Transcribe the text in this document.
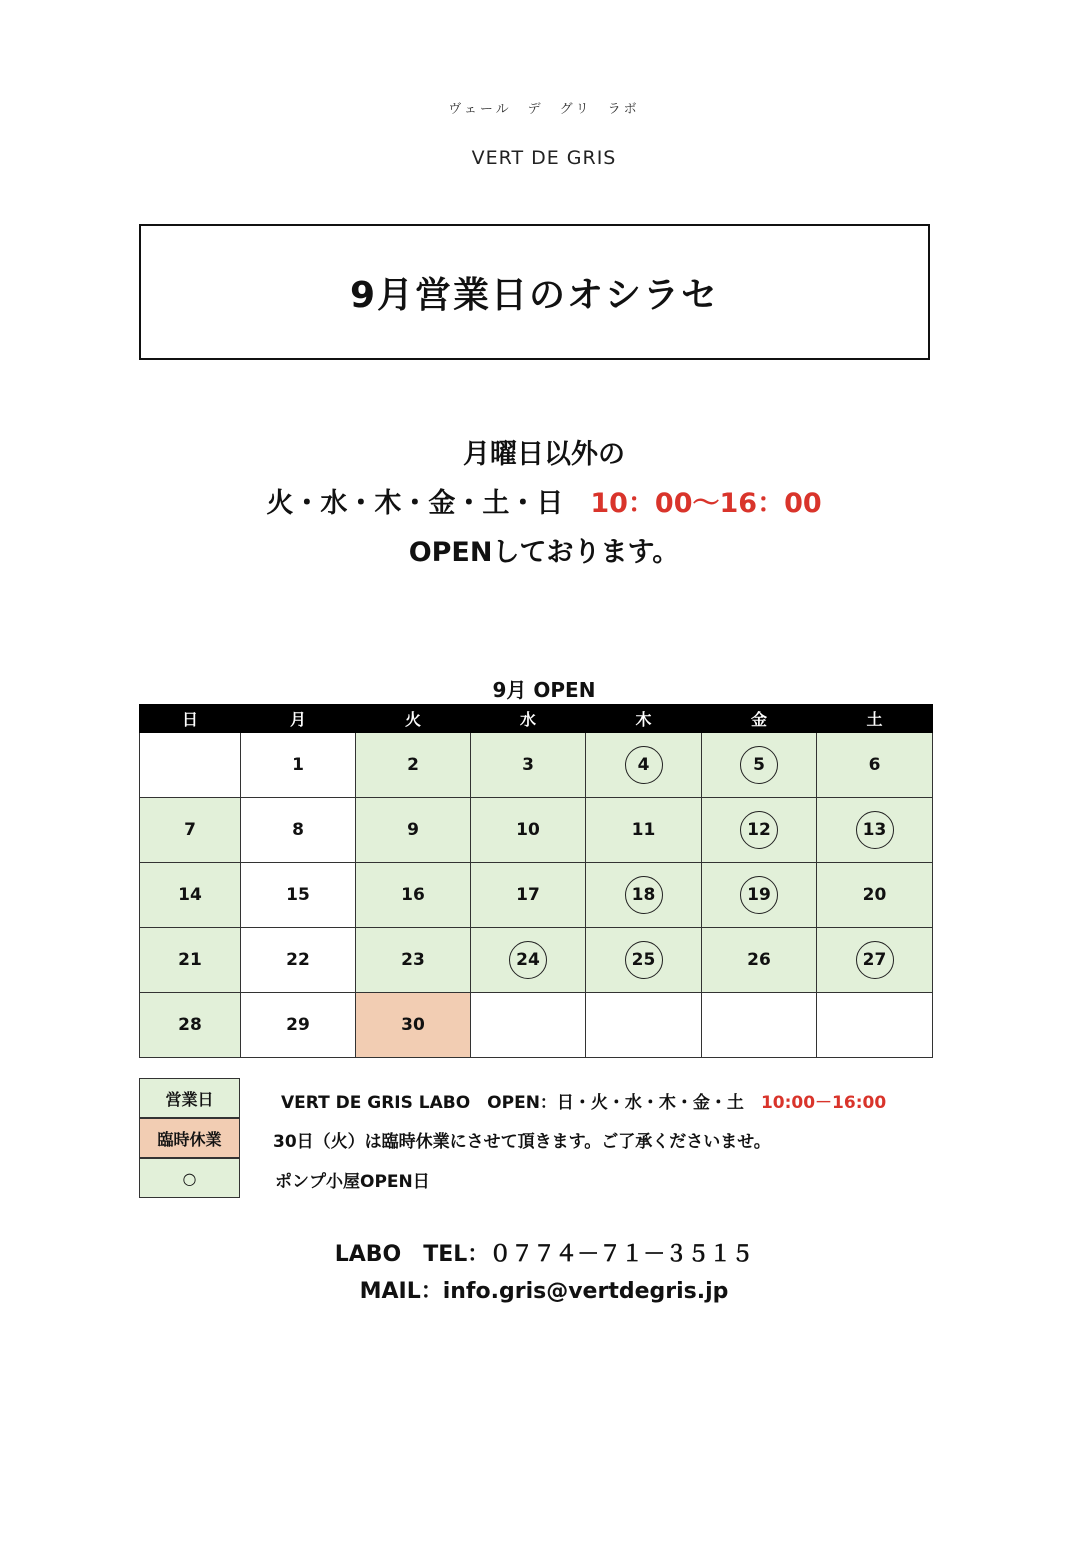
ヴェール　デ　グリ　ラボ
VERT DE GRIS
9月営業日のオシラセ
月曜日以外の
火・水・木・金・土・日　10：00～16：00
OPENしております。
9月 OPEN
日	月	火	水	木	金	土
	1	2	3	4	5	6
7	8	9	10	11	12	13
14	15	16	17	18	19	20
21	22	23	24	25	26	27
28	29	30				
営業日	VERT DE GRIS LABO　OPEN：日・火・水・木・金・土　10:00－16:00
臨時休業	30日（火）は臨時休業にさせて頂きます。ご了承くださいませ。
○	ポンプ小屋OPEN日
LABO　TEL：０７７４－７１－３５１５
MAIL：info.gris@vertdegris.jp
